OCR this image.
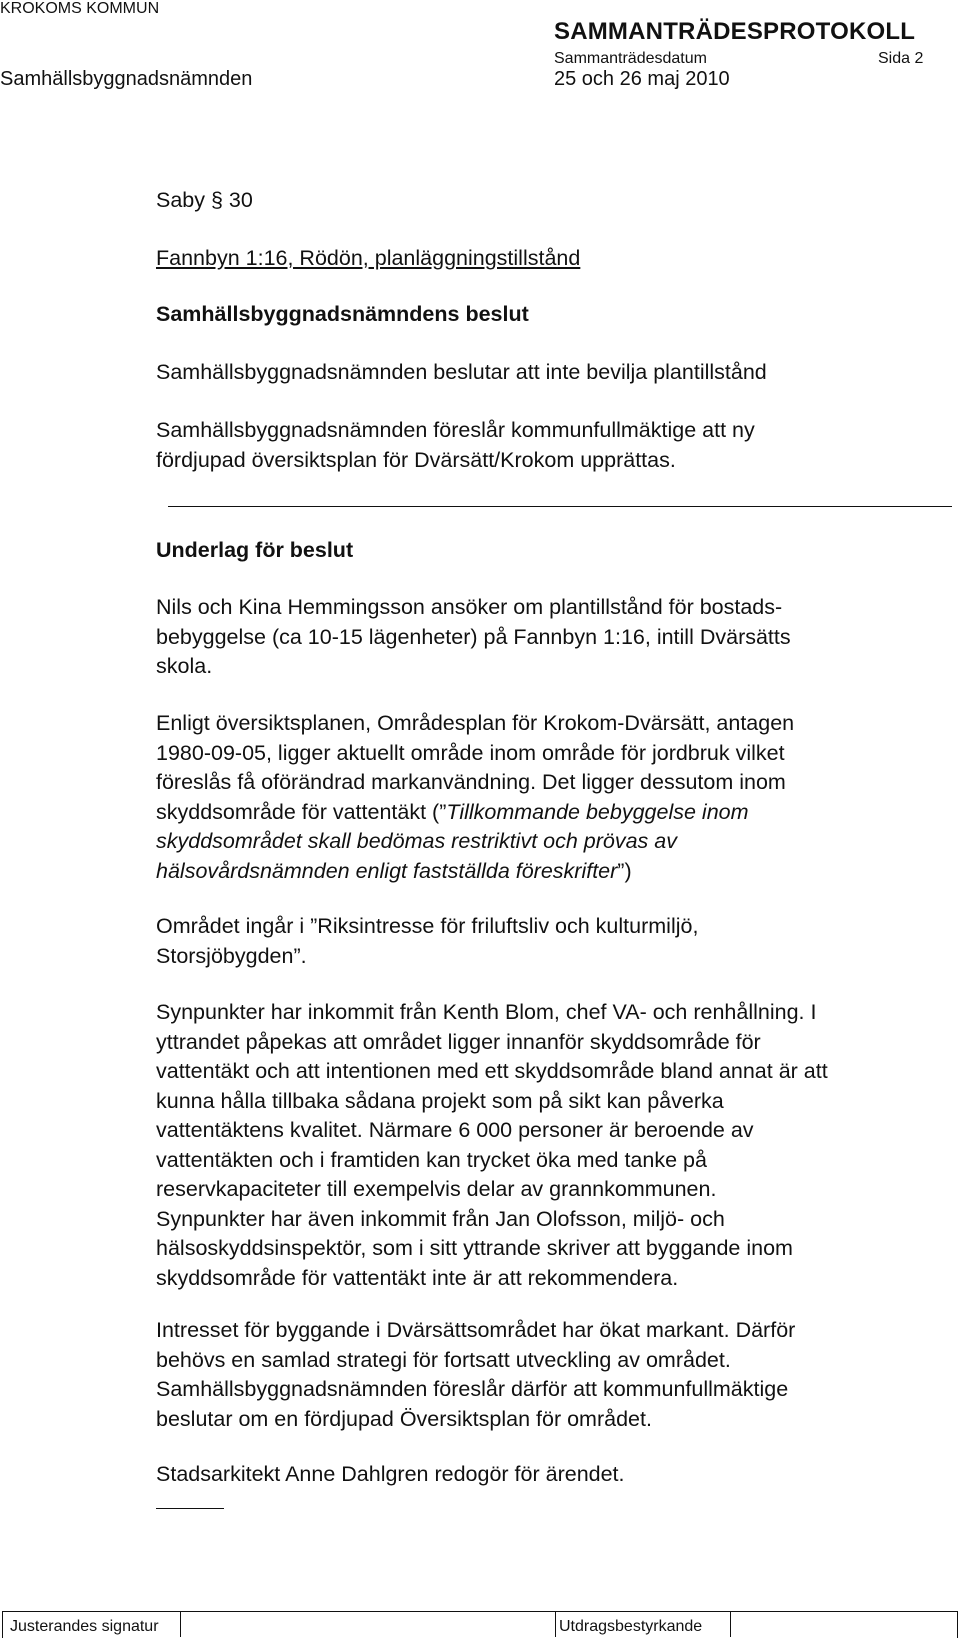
KROKOMS KOMMUN
SAMMANTRÄDESPROTOKOLL
Sammanträdesdatum	Sida 2
Samhällsbyggnadsnämnden	25 och 26 maj 2010
Saby § 30
Fannbyn 1:16, Rödön, planläggningstillstånd
Samhällsbyggnadsnämndens beslut
Samhällsbyggnadsnämnden beslutar att inte bevilja plantillstånd
Samhällsbyggnadsnämnden föreslår kommunfullmäktige att ny
fördjupad översiktsplan för Dvärsätt/Krokom upprättas.
Underlag för beslut
Nils och Kina Hemmingsson ansöker om plantillstånd för bostads-
bebyggelse (ca 10-15 lägenheter) på Fannbyn 1:16, intill Dvärsätts
skola.
Enligt översiktsplanen, Områdesplan för Krokom-Dvärsätt, antagen
1980-09-05, ligger aktuellt område inom område för jordbruk vilket
föreslås få oförändrad markanvändning. Det ligger dessutom inom
skyddsområde för vattentäkt (”Tillkommande bebyggelse inom
skyddsområdet skall bedömas restriktivt och prövas av
hälsovårdsnämnden enligt fastställda föreskrifter”)
Området ingår i ”Riksintresse för friluftsliv och kulturmiljö,
Storsjöbygden”.
Synpunkter har inkommit från Kenth Blom, chef VA- och renhållning. I
yttrandet påpekas att området ligger innanför skyddsområde för
vattentäkt och att intentionen med ett skyddsområde bland annat är att
kunna hålla tillbaka sådana projekt som på sikt kan påverka
vattentäktens kvalitet. Närmare 6 000 personer är beroende av
vattentäkten och i framtiden kan trycket öka med tanke på
reservkapaciteter till exempelvis delar av grannkommunen.
Synpunkter har även inkommit från Jan Olofsson, miljö- och
hälsoskyddsinspektör, som i sitt yttrande skriver att byggande inom
skyddsområde för vattentäkt inte är att rekommendera.
Intresset för byggande i Dvärsättsområdet har ökat markant. Därför
behövs en samlad strategi för fortsatt utveckling av området.
Samhällsbyggnadsnämnden föreslår därför att kommunfullmäktige
beslutar om en fördjupad Översiktsplan för området.
Stadsarkitekt Anne Dahlgren redogör för ärendet.
Justerandes signatur	Utdragsbestyrkande
